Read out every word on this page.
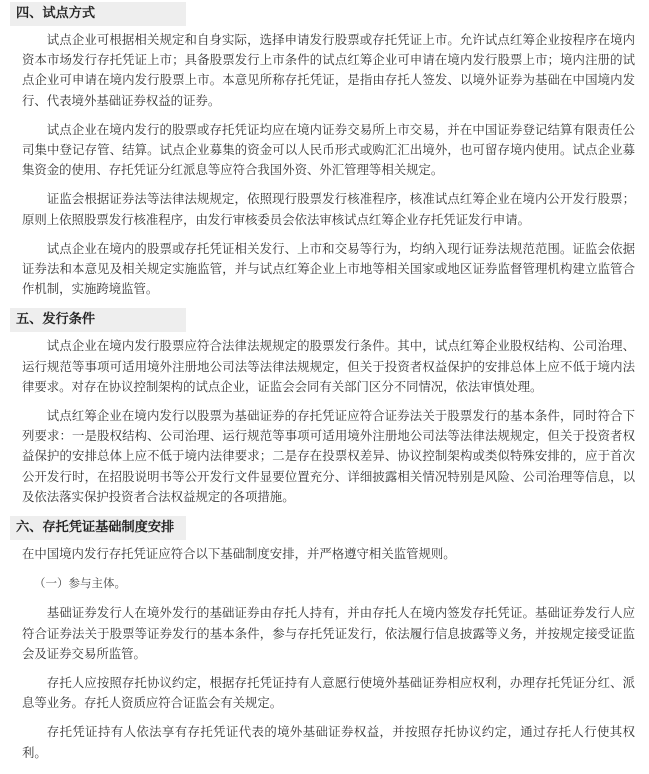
四、试点方式

试点企业可根据相关规定和自身实际，选择申请发行股票或存托凭证上市。允许试点红筹企业按程序在境内资本市场发行存托凭证上市；具备股票发行上市条件的试点红筹企业可申请在境内发行股票上市；境内注册的试点企业可申请在境内发行股票上市。本意见所称存托凭证，是指由存托人签发、以境外证券为基础在中国境内发行、代表境外基础证券权益的证券。

试点企业在境内发行的股票或存托凭证均应在境内证券交易所上市交易，并在中国证券登记结算有限责任公司集中登记存管、结算。试点企业募集的资金可以人民币形式或购汇汇出境外，也可留存境内使用。试点企业募集资金的使用、存托凭证分红派息等应符合我国外资、外汇管理等相关规定。

证监会根据证券法等法律法规规定，依照现行股票发行核准程序，核准试点红筹企业在境内公开发行股票；原则上依照股票发行核准程序，由发行审核委员会依法审核试点红筹企业存托凭证发行申请。

试点企业在境内的股票或存托凭证相关发行、上市和交易等行为，均纳入现行证券法规范范围。证监会依据证券法和本意见及相关规定实施监管，并与试点红筹企业上市地等相关国家或地区证券监督管理机构建立监管合作机制，实施跨境监管。

五、发行条件

试点企业在境内发行股票应符合法律法规规定的股票发行条件。其中，试点红筹企业股权结构、公司治理、运行规范等事项可适用境外注册地公司法等法律法规规定，但关于投资者权益保护的安排总体上应不低于境内法律要求。对存在协议控制架构的试点企业，证监会会同有关部门区分不同情况，依法审慎处理。

试点红筹企业在境内发行以股票为基础证券的存托凭证应符合证券法关于股票发行的基本条件，同时符合下列要求：一是股权结构、公司治理、运行规范等事项可适用境外注册地公司法等法律法规规定，但关于投资者权益保护的安排总体上应不低于境内法律要求；二是存在投票权差异、协议控制架构或类似特殊安排的，应于首次公开发行时，在招股说明书等公开发行文件显要位置充分、详细披露相关情况特别是风险、公司治理等信息，以及依法落实保护投资者合法权益规定的各项措施。

六、存托凭证基础制度安排

在中国境内发行存托凭证应符合以下基础制度安排，并严格遵守相关监管规则。

（一）参与主体。

基础证券发行人在境外发行的基础证券由存托人持有，并由存托人在境内签发存托凭证。基础证券发行人应符合证券法关于股票等证券发行的基本条件，参与存托凭证发行，依法履行信息披露等义务，并按规定接受证监会及证券交易所监管。

存托人应按照存托协议约定，根据存托凭证持有人意愿行使境外基础证券相应权利，办理存托凭证分红、派息等业务。存托人资质应符合证监会有关规定。

存托凭证持有人依法享有存托凭证代表的境外基础证券权益，并按照存托协议约定，通过存托人行使其权利。
